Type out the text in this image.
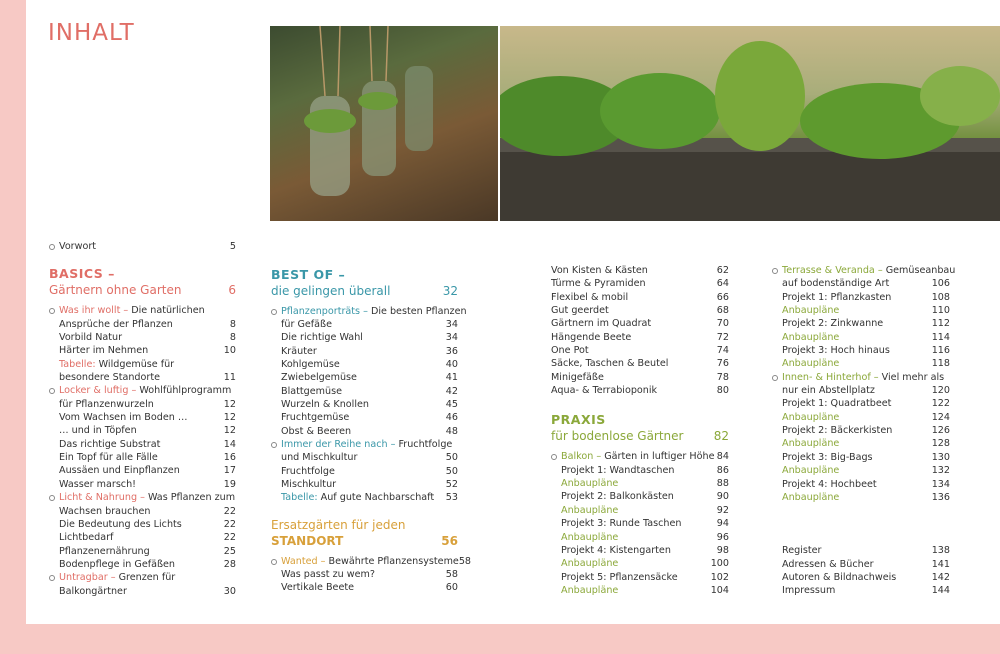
INHALT
Vorwort	5
BASICS –
Gärtnern ohne Garten	6
Was ihr wollt – Die natürlichen
Ansprüche der Pflanzen	8
Vorbild Natur	8
Härter im Nehmen	10
Tabelle: Wildgemüse für
besondere Standorte	11
Locker & luftig – Wohlfühlprogramm
für Pflanzenwurzeln	12
Vom Wachsen im Boden …	12
… und in Töpfen	12
Das richtige Substrat	14
Ein Topf für alle Fälle	16
Aussäen und Einpflanzen	17
Wasser marsch!	19
Licht & Nahrung – Was Pflanzen zum
Wachsen brauchen	22
Die Bedeutung des Lichts	22
Lichtbedarf	22
Pflanzenernährung	25
Bodenpflege in Gefäßen	28
Untragbar – Grenzen für
Balkongärtner	30
BEST OF –
die gelingen überall	32
Pflanzenporträts – Die besten Pflanzen
für Gefäße	34
Die richtige Wahl	34
Kräuter	36
Kohlgemüse	40
Zwiebelgemüse	41
Blattgemüse	42
Wurzeln & Knollen	45
Fruchtgemüse	46
Obst & Beeren	48
Immer der Reihe nach – Fruchtfolge
und Mischkultur	50
Fruchtfolge	50
Mischkultur	52
Tabelle: Auf gute Nachbarschaft 53
Ersatzgärten für jeden
STANDORT	56
Wanted – Bewährte Pflanzensysteme 58
Was passt zu wem?	58
Vertikale Beete	60
Von Kisten & Kästen	62
Türme & Pyramiden	64
Flexibel & mobil	66
Gut geerdet	68
Gärtnern im Quadrat	70
Hängende Beete	72
One Pot	74
Säcke, Taschen & Beutel	76
Minigefäße	78
Aqua- & Terrabioponik	80
PRAXIS
für bodenlose Gärtner	82
Balkon – Gärten in luftiger Höhe 84
Projekt 1: Wandtaschen	86
Anbaupläne	88
Projekt 2: Balkonkästen	90
Anbaupläne	92
Projekt 3: Runde Taschen	94
Anbaupläne	96
Projekt 4: Kistengarten	98
Anbaupläne	100
Projekt 5: Pflanzensäcke	102
Anbaupläne	104
Terrasse & Veranda – Gemüseanbau
auf bodenständige Art	106
Projekt 1: Pflanzkasten	108
Anbaupläne	110
Projekt 2: Zinkwanne	112
Anbaupläne	114
Projekt 3: Hoch hinaus	116
Anbaupläne	118
Innen- & Hinterhof – Viel mehr als
nur ein Abstellplatz	120
Projekt 1: Quadratbeet	122
Anbaupläne	124
Projekt 2: Bäckerkisten	126
Anbaupläne	128
Projekt 3: Big-Bags	130
Anbaupläne	132
Projekt 4: Hochbeet	134
Anbaupläne	136
Register	138
Adressen & Bücher	141
Autoren & Bildnachweis	142
Impressum	144
